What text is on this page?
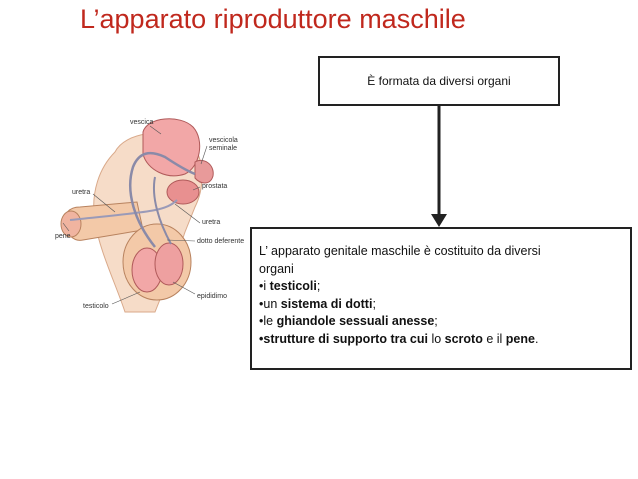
L’apparato riproduttore maschile
È formata da diversi organi

L’ apparato genitale maschile è costituito da diversi

organi

•i testicoli;

•un sistema di dotti;

•le ghiandole sessuali anesse;

•strutture di supporto tra cui lo scroto e il pene.

vescica
vescicola
seminale
prostata
uretra
uretra
pene
dotto deferente
epididimo
testicolo
